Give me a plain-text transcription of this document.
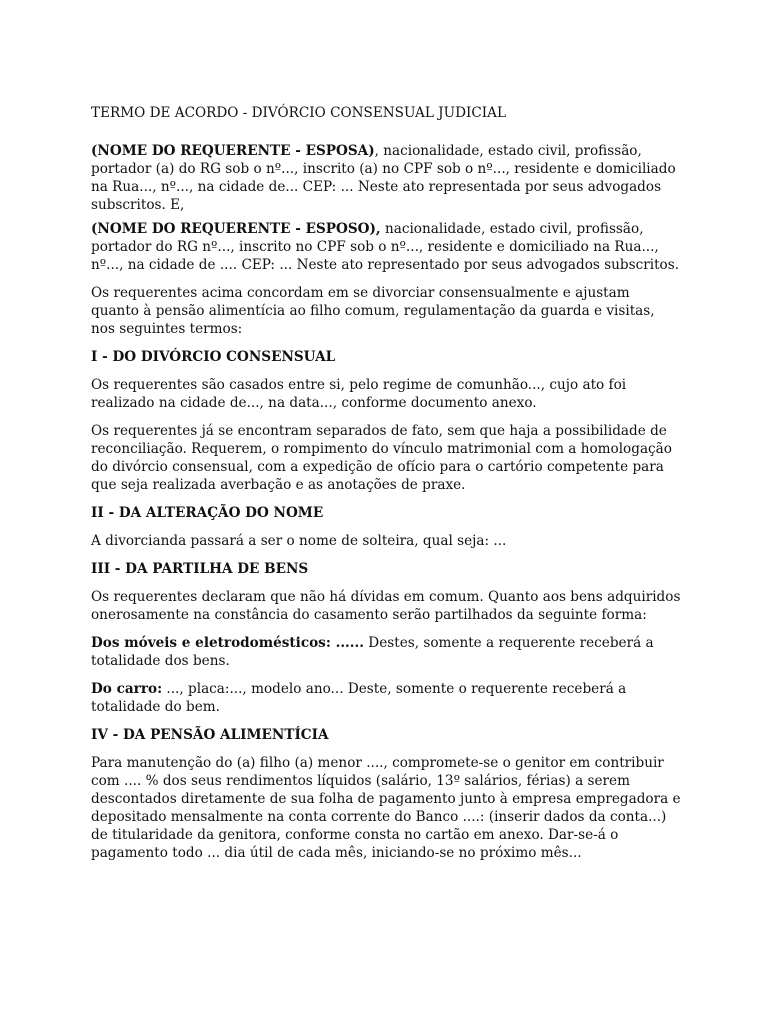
TERMO DE ACORDO - DIVÓRCIO CONSENSUAL JUDICIAL

(NOME DO REQUERENTE - ESPOSA), nacionalidade, estado civil, profissão, portador (a) do RG sob o nº..., inscrito (a) no CPF sob o nº..., residente e domiciliado na Rua..., nº..., na cidade de... CEP: ... Neste ato representada por seus advogados subscritos. E,

(NOME DO REQUERENTE - ESPOSO), nacionalidade, estado civil, profissão, portador do RG nº..., inscrito no CPF sob o nº..., residente e domiciliado na Rua..., nº..., na cidade de .... CEP: ... Neste ato representado por seus advogados subscritos.

Os requerentes acima concordam em se divorciar consensualmente e ajustam quanto à pensão alimentícia ao filho comum, regulamentação da guarda e visitas, nos seguintes termos:

I - DO DIVÓRCIO CONSENSUAL

Os requerentes são casados entre si, pelo regime de comunhão..., cujo ato foi realizado na cidade de..., na data..., conforme documento anexo.

Os requerentes já se encontram separados de fato, sem que haja a possibilidade de reconciliação. Requerem, o rompimento do vínculo matrimonial com a homologação do divórcio consensual, com a expedição de ofício para o cartório competente para que seja realizada averbação e as anotações de praxe.

II - DA ALTERAÇÃO DO NOME

A divorcianda passará a ser o nome de solteira, qual seja: ...

III - DA PARTILHA DE BENS

Os requerentes declaram que não há dívidas em comum. Quanto aos bens adquiridos onerosamente na constância do casamento serão partilhados da seguinte forma:

Dos móveis e eletrodomésticos: ...... Destes, somente a requerente receberá a totalidade dos bens.

Do carro: ..., placa:..., modelo ano... Deste, somente o requerente receberá a totalidade do bem.

IV - DA PENSÃO ALIMENTÍCIA

Para manutenção do (a) filho (a) menor ...., compromete-se o genitor em contribuir com .... % dos seus rendimentos líquidos (salário, 13º salários, férias) a serem descontados diretamente de sua folha de pagamento junto à empresa empregadora e depositado mensalmente na conta corrente do Banco ....: (inserir dados da conta...) de titularidade da genitora, conforme consta no cartão em anexo. Dar-se-á o pagamento todo ... dia útil de cada mês, iniciando-se no próximo mês...
